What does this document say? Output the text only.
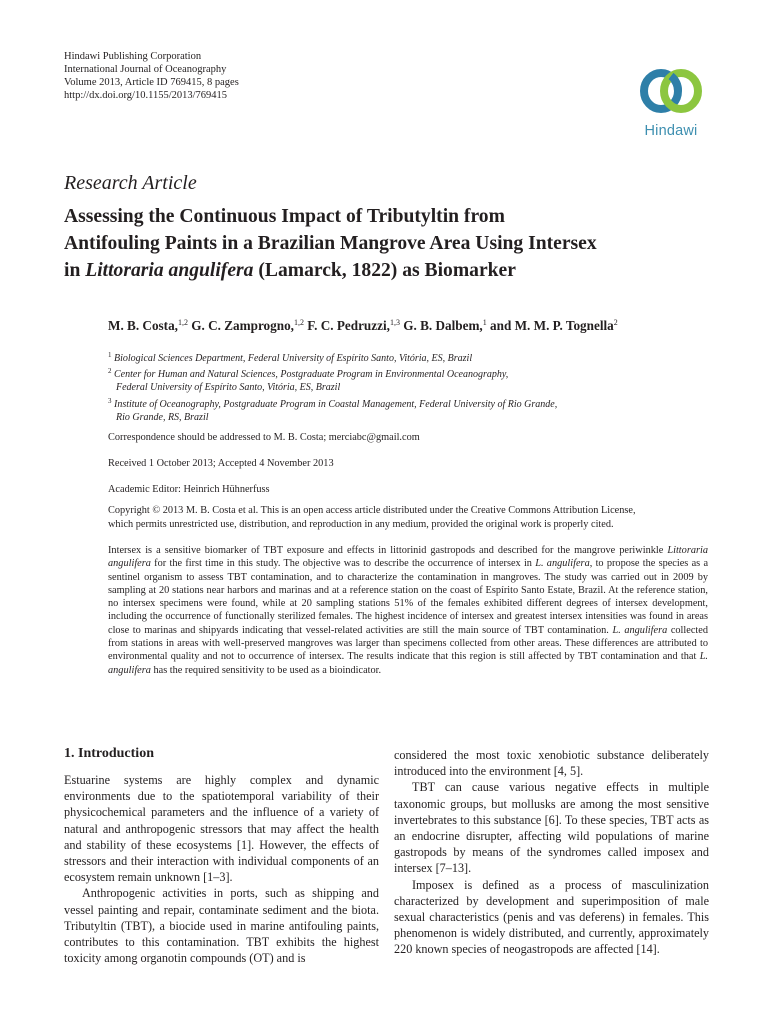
Hindawi Publishing Corporation
International Journal of Oceanography
Volume 2013, Article ID 769415, 8 pages
http://dx.doi.org/10.1155/2013/769415
Hindawi
Research Article
Assessing the Continuous Impact of Tributyltin from
Antifouling Paints in a Brazilian Mangrove Area Using Intersex
in Littoraria angulifera (Lamarck, 1822) as Biomarker
M. B. Costa,$^{1,2}$ G. C. Zamprogno,$^{1,2}$ F. C. Pedruzzi,$^{1,3}$ G. B. Dalbem,$^1$ and M. M. P. Tognella$^2$
$^1$ Biological Sciences Department, Federal University of Espírito Santo, Vitória, ES, Brazil
$^2$ Center for Human and Natural Sciences, Postgraduate Program in Environmental Oceanography,
Federal University of Espírito Santo, Vitória, ES, Brazil
$^3$ Institute of Oceanography, Postgraduate Program in Coastal Management, Federal University of Rio Grande,
Rio Grande, RS, Brazil
Correspondence should be addressed to M. B. Costa; merciabc@gmail.com
Received 1 October 2013; Accepted 4 November 2013
Academic Editor: Heinrich Hühnerfuss
Copyright © 2013 M. B. Costa et al. This is an open access article distributed under the Creative Commons Attribution License,
which permits unrestricted use, distribution, and reproduction in any medium, provided the original work is properly cited.
Intersex is a sensitive biomarker of TBT exposure and effects in littorinid gastropods and described for the mangrove periwinkle Littoraria angulifera for the first time in this study. The objective was to describe the occurrence of intersex in L. angulifera, to propose the species as a sentinel organism to assess TBT contamination, and to characterize the contamination in mangroves. The study was carried out in 2009 by sampling at 20 stations near harbors and marinas and at a reference station on the coast of Espírito Santo Estate, Brazil. At the reference station, no intersex specimens were found, while at 20 sampling stations 51% of the females exhibited different degrees of intersex development, including the occurrence of functionally sterilized females. The highest incidence of intersex and greatest intersex intensities was found in areas close to marinas and shipyards indicating that vessel-related activities are still the main source of TBT contamination. L. angulifera collected from stations in areas with well-preserved mangroves was larger than specimens collected from other areas. These differences are attributed to environmental quality and not to occurrence of intersex. The results indicate that this region is still affected by TBT contamination and that L. angulifera has the required sensitivity to be used as a bioindicator.
1. Introduction

Estuarine systems are highly complex and dynamic environments due to the spatiotemporal variability of their physicochemical parameters and the influence of a variety of natural and anthropogenic stressors that may affect the health and stability of these ecosystems [1]. However, the effects of stressors and their interaction with individual components of an ecosystem remain unknown [1–3].

Anthropogenic activities in ports, such as shipping and vessel painting and repair, contaminate sediment and the biota. Tributyltin (TBT), a biocide used in marine antifouling paints, contributes to this contamination. TBT exhibits the highest toxicity among organotin compounds (OT) and is

considered the most toxic xenobiotic substance deliberately introduced into the environment [4, 5].

TBT can cause various negative effects in multiple taxonomic groups, but mollusks are among the most sensitive invertebrates to this substance [6]. To these species, TBT acts as an endocrine disrupter, affecting wild populations of marine gastropods by means of the syndromes called imposex and intersex [7–13].

Imposex is defined as a process of masculinization characterized by development and superimposition of male sexual characteristics (penis and vas deferens) in females. This phenomenon is widely distributed, and currently, approximately 220 known species of neogastropods are affected [14].
